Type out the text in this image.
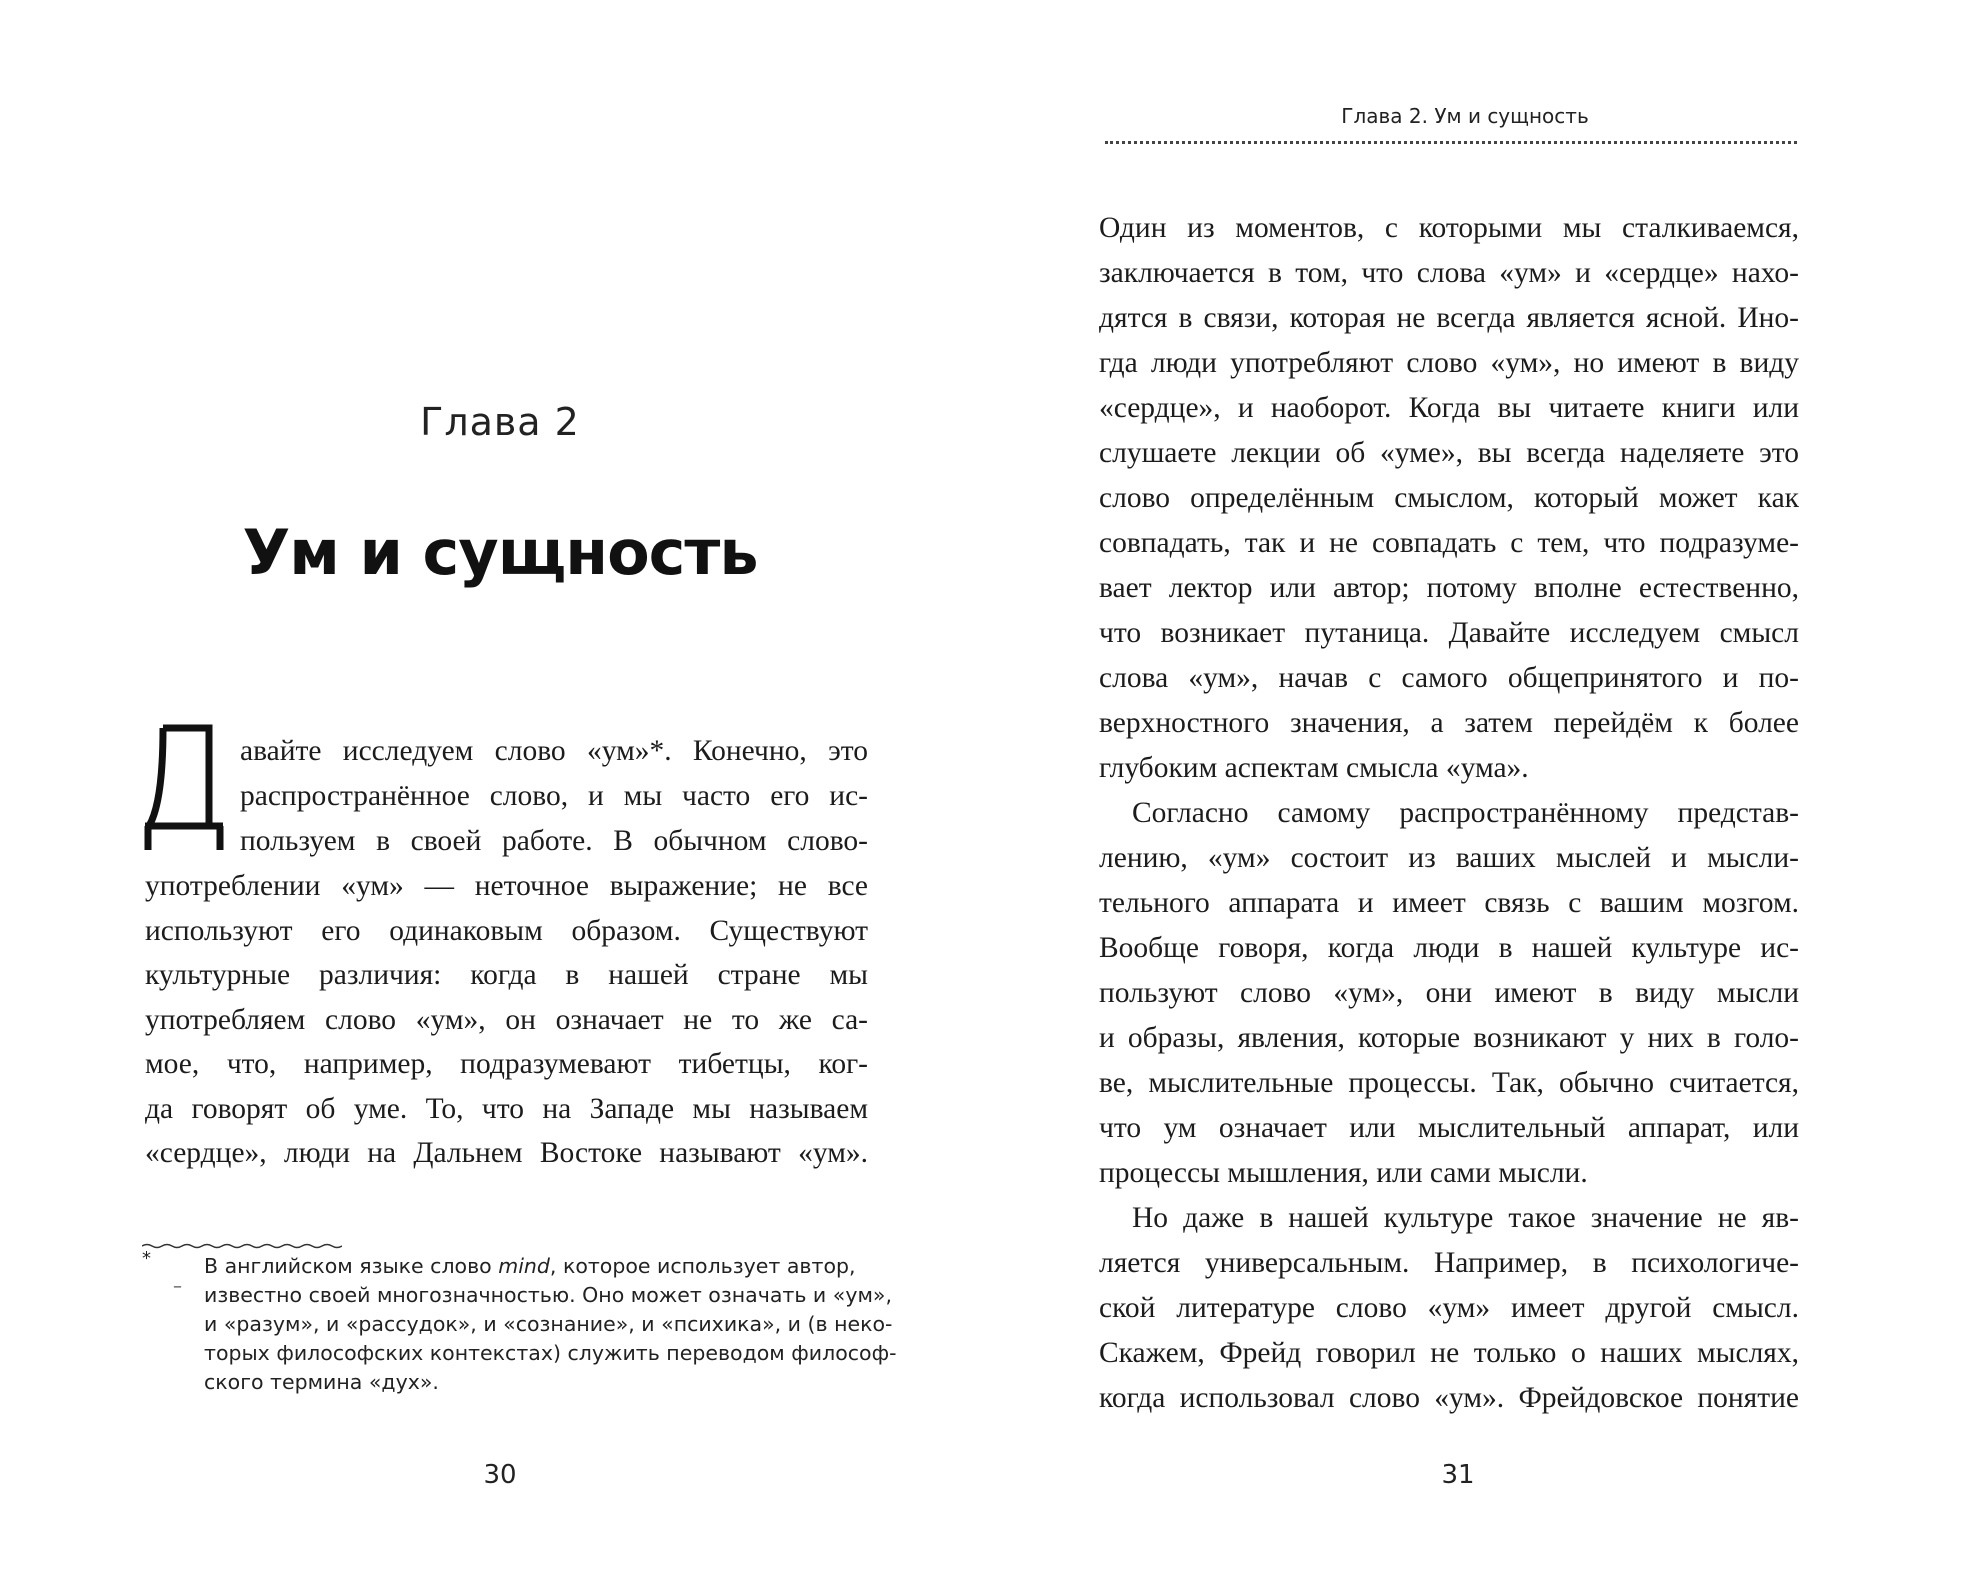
Глава 2
Ум и сущность
авайте исследуем слово «ум»*. Конечно, это
распространённое слово, и мы часто его ис-
пользуем в своей работе. В обычном слово-
употреблении «ум» — неточное выражение; не все
используют его одинаковым образом. Существуют
культурные различия: когда в нашей стране мы
употребляем слово «ум», он означает не то же са-
мое, что, например, подразумевают тибетцы, ког-
да говорят об уме. То, что на Западе мы называем
«сердце», люди на Дальнем Востоке называют «ум».
*
–
В английском языке слово mind, которое использует автор,
известно своей многозначностью. Оно может означать и «ум»,
и «разум», и «рассудок», и «сознание», и «психика», и (в неко-
торых философских контекстах) служить переводом философ-
ского термина «дух».
30
Глава 2. Ум и сущность
Один из моментов, с которыми мы сталкиваемся,
заключается в том, что слова «ум» и «сердце» нахо-
дятся в связи, которая не всегда является ясной. Ино-
гда люди употребляют слово «ум», но имеют в виду
«сердце», и наоборот. Когда вы читаете книги или
слушаете лекции об «уме», вы всегда наделяете это
слово определённым смыслом, который может как
совпадать, так и не совпадать с тем, что подразуме-
вает лектор или автор; потому вполне естественно,
что возникает путаница. Давайте исследуем смысл
слова «ум», начав с самого общепринятого и по-
верхностного значения, а затем перейдём к более
глубоким аспектам смысла «ума».
Согласно самому распространённому представ-
лению, «ум» состоит из ваших мыслей и мысли-
тельного аппарата и имеет связь с вашим мозгом.
Вообще говоря, когда люди в нашей культуре ис-
пользуют слово «ум», они имеют в виду мысли
и образы, явления, которые возникают у них в голо-
ве, мыслительные процессы. Так, обычно считается,
что ум означает или мыслительный аппарат, или
процессы мышления, или сами мысли.
Но даже в нашей культуре такое значение не яв-
ляется универсальным. Например, в психологиче-
ской литературе слово «ум» имеет другой смысл.
Скажем, Фрейд говорил не только о наших мыслях,
когда использовал слово «ум». Фрейдовское понятие
31
